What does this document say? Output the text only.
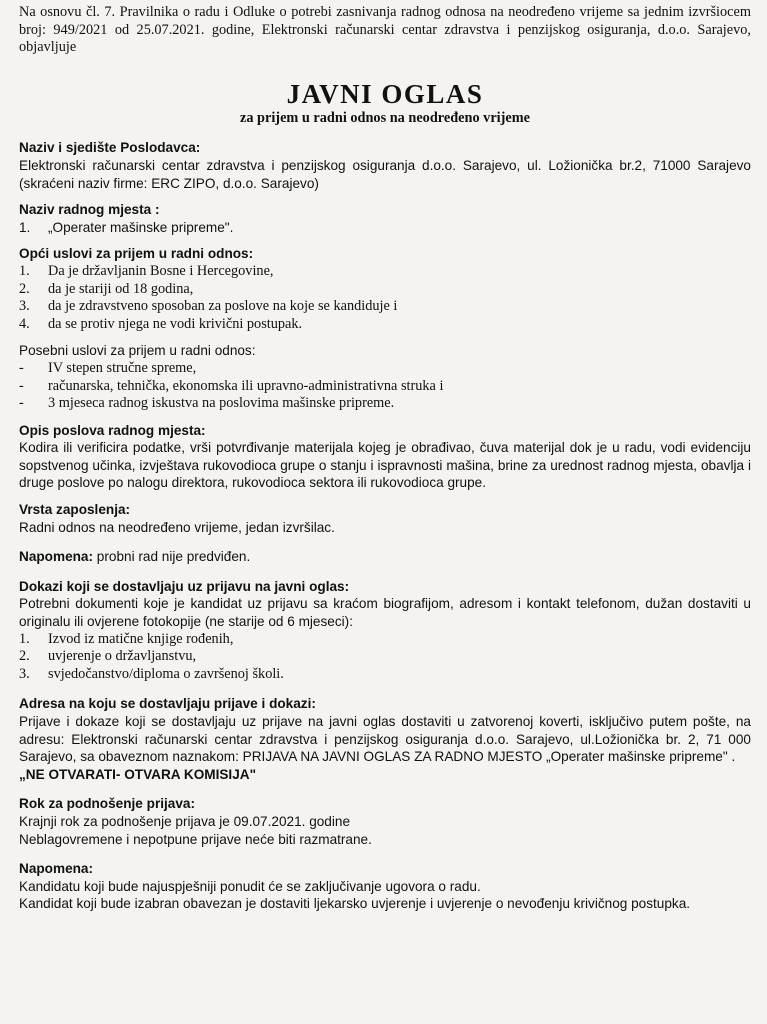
Na osnovu čl. 7. Pravilnika o radu i Odluke o potrebi zasnivanja radnog odnosa na neodređeno vrijeme sa jednim izvršiocem broj: 949/2021 od 25.07.2021. godine, Elektronski računarski centar zdravstva i penzijskog osiguranja, d.o.o. Sarajevo, objavljuje

JAVNI OGLAS
za prijem u radni odnos na neodređeno vrijeme

Naziv i sjedište Poslodavca:

Elektronski računarski centar zdravstva i penzijskog osiguranja d.o.o. Sarajevo, ul. Ložionička br.2, 71000 Sarajevo (skraćeni naziv firme: ERC ZIPO, d.o.o. Sarajevo)

Naziv radnog mjesta :

1.	„Operater mašinske pripreme".

Opći uslovi za prijem u radni odnos:

1.	Da je državljanin Bosne i Hercegovine,
2.	da je stariji od 18 godina,
3.	da je zdravstveno sposoban za poslove na koje se kandiduje i
4.	da se protiv njega ne vodi krivični postupak.

Posebni uslovi za prijem u radni odnos:

-	IV stepen stručne spreme,
-	računarska, tehnička, ekonomska ili upravno-administrativna struka i
-	3 mjeseca radnog iskustva na poslovima mašinske pripreme.

Opis poslova radnog mjesta:

Kodira ili verificira podatke, vrši potvrđivanje materijala kojeg je obrađivao, čuva materijal dok je u radu, vodi evidenciju sopstvenog učinka, izvještava rukovodioca grupe o stanju i ispravnosti mašina, brine za urednost radnog mjesta, obavlja i druge poslove po nalogu direktora, rukovodioca sektora ili rukovodioca grupe.

Vrsta zaposlenja:

Radni odnos na neodređeno vrijeme, jedan izvršilac.

Napomena: probni rad nije predviđen.

Dokazi koji se dostavljaju uz prijavu na javni oglas:

Potrebni dokumenti koje je kandidat uz prijavu sa kraćom biografijom, adresom i kontakt telefonom, dužan dostaviti u originalu ili ovjerene fotokopije (ne starije od 6 mjeseci):

1.	Izvod iz matične knjige rođenih,
2.	uvjerenje o državljanstvu,
3.	svjedočanstvo/diploma o završenoj školi.

Adresa na koju se dostavljaju prijave i dokazi:

Prijave i dokaze koji se dostavljaju uz prijave na javni oglas dostaviti u zatvorenoj koverti, isključivo putem pošte, na adresu: Elektronski računarski centar zdravstva i penzijskog osiguranja d.o.o. Sarajevo, ul.Ložionička br. 2, 71 000 Sarajevo, sa obaveznom naznakom: PRIJAVA NA JAVNI OGLAS ZA RADNO MJESTO „Operater mašinske pripreme" .

„NE OTVARATI- OTVARA KOMISIJA"

Rok za podnošenje prijava:

Krajnji rok za podnošenje prijava je 09.07.2021. godine

Neblagovremene i nepotpune prijave neće biti razmatrane.

Napomena:

Kandidatu koji bude najuspješniji ponudit će se zaključivanje ugovora o radu.

Kandidat koji bude izabran obavezan je dostaviti ljekarsko uvjerenje i uvjerenje o nevođenju krivičnog postupka.
